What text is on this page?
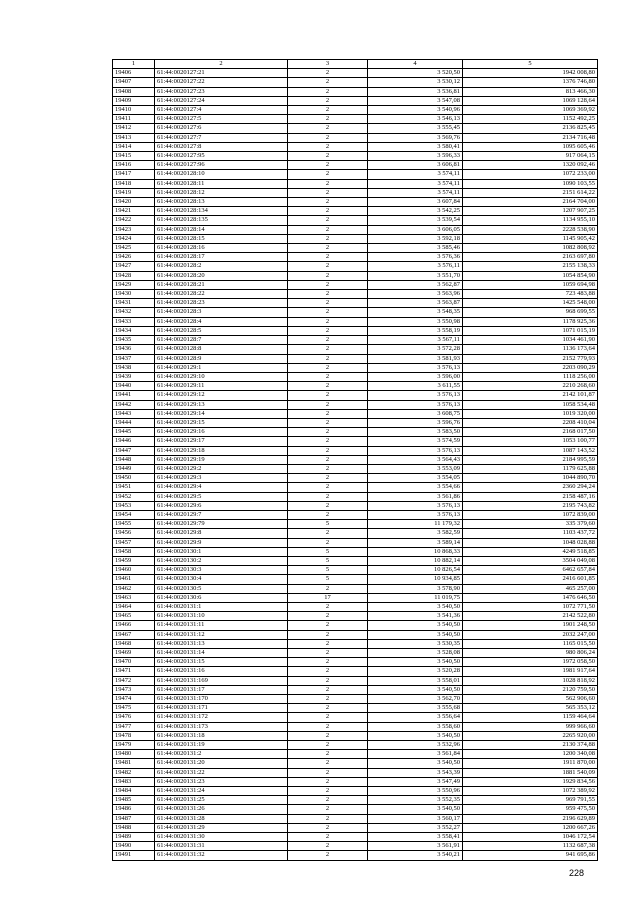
1	2	3	4	5
19406	61:44:0020127:21	2	3 520,50	1942 008,80
19407	61:44:0020127:22	2	3 530,12	1376 746,80
19408	61:44:0020127:23	2	3 536,81	813 466,30
19409	61:44:0020127:24	2	3 547,08	1069 128,64
19410	61:44:0020127:4	2	3 540,96	1069 369,92
19411	61:44:0020127:5	2	3 546,13	1152 492,25
19412	61:44:0020127:6	2	3 555,45	2136 825,45
19413	61:44:0020127:7	2	3 569,76	2134 716,48
19414	61:44:0020127:8	2	3 580,41	1095 605,46
19415	61:44:0020127:95	2	3 596,33	917 064,15
19416	61:44:0020127:96	2	3 606,81	1320 092,46
19417	61:44:0020128:10	2	3 574,11	1072 233,00
19418	61:44:0020128:11	2	3 574,11	1090 103,55
19419	61:44:0020128:12	2	3 574,11	2151 614,22
19420	61:44:0020128:13	2	3 607,84	2164 704,00
19421	61:44:0020128:134	2	3 542,25	1207 907,25
19422	61:44:0020128:135	2	3 539,54	1134 955,10
19423	61:44:0020128:14	2	3 606,05	2228 538,90
19424	61:44:0020128:15	2	3 592,18	1145 905,42
19425	61:44:0020128:16	2	3 585,46	1082 808,92
19426	61:44:0020128:17	2	3 576,36	2163 697,80
19427	61:44:0020128:2	2	3 576,11	2155 138,33
19428	61:44:0020128:20	2	3 551,70	1054 854,90
19429	61:44:0020128:21	2	3 562,87	1059 694,98
19430	61:44:0020128:22	2	3 563,96	723 483,88
19431	61:44:0020128:23	2	3 563,87	1425 548,00
19432	61:44:0020128:3	2	3 548,35	968 699,55
19433	61:44:0020128:4	2	3 550,98	1178 925,36
19434	61:44:0020128:5	2	3 558,19	1071 015,19
19435	61:44:0020128:7	2	3 567,11	1034 461,90
19436	61:44:0020128:8	2	3 572,28	1136 173,64
19437	61:44:0020128:9	2	3 581,93	2152 779,93
19438	61:44:0020129:1	2	3 576,13	2203 090,29
19439	61:44:0020129:10	2	3 596,00	1118 256,00
19440	61:44:0020129:11	2	3 611,55	2210 268,60
19441	61:44:0020129:12	2	3 576,13	2142 101,87
19442	61:44:0020129:13	2	3 576,13	1058 534,48
19443	61:44:0020129:14	2	3 608,75	1019 320,00
19444	61:44:0020129:15	2	3 596,76	2208 410,04
19445	61:44:0020129:16	2	3 583,50	2168 017,50
19446	61:44:0020129:17	2	3 574,59	1053 100,77
19447	61:44:0020129:18	2	3 576,13	1087 143,52
19448	61:44:0020129:19	2	3 564,43	2184 995,59
19449	61:44:0020129:2	2	3 553,09	1179 625,88
19450	61:44:0020129:3	2	3 554,05	1044 890,70
19451	61:44:0020129:4	2	3 554,66	2360 294,24
19452	61:44:0020129:5	2	3 561,86	2158 487,16
19453	61:44:0020129:6	2	3 576,13	2195 743,82
19454	61:44:0020129:7	2	3 576,13	1072 839,00
19455	61:44:0020129:79	5	11 179,32	335 379,60
19456	61:44:0020129:8	2	3 582,59	1103 437,72
19457	61:44:0020129:9	2	3 589,14	1048 028,88
19458	61:44:0020130:1	5	10 868,33	4249 518,85
19459	61:44:0020130:2	5	10 882,14	3504 049,08
19460	61:44:0020130:3	5	10 826,54	6462 657,84
19461	61:44:0020130:4	5	10 934,85	2416 601,85
19462	61:44:0020130:5	2	3 578,90	465 257,00
19463	61:44:0020130:6	17	11 019,75	1476 646,50
19464	61:44:0020131:1	2	3 540,50	1072 771,50
19465	61:44:0020131:10	2	3 541,36	2142 522,80
19466	61:44:0020131:11	2	3 540,50	1901 248,50
19467	61:44:0020131:12	2	3 540,50	2032 247,00
19468	61:44:0020131:13	2	3 530,35	1165 015,50
19469	61:44:0020131:14	2	3 528,08	980 806,24
19470	61:44:0020131:15	2	3 540,50	1972 058,50
19471	61:44:0020131:16	2	3 520,28	1981 917,64
19472	61:44:0020131:169	2	3 558,01	1028 818,92
19473	61:44:0020131:17	2	3 540,50	2120 759,50
19474	61:44:0020131:170	2	3 562,70	562 906,60
19475	61:44:0020131:171	2	3 555,68	565 353,12
19476	61:44:0020131:172	2	3 556,64	1159 464,64
19477	61:44:0020131:173	2	3 558,60	999 966,60
19478	61:44:0020131:18	2	3 540,50	2265 920,00
19479	61:44:0020131:19	2	3 532,96	2130 374,88
19480	61:44:0020131:2	2	3 561,84	1200 340,08
19481	61:44:0020131:20	2	3 540,50	1911 870,00
19482	61:44:0020131:22	2	3 543,39	1881 540,09
19483	61:44:0020131:23	2	3 547,49	1929 834,56
19484	61:44:0020131:24	2	3 550,96	1072 389,92
19485	61:44:0020131:25	2	3 552,35	969 791,55
19486	61:44:0020131:26	2	3 540,50	959 475,50
19487	61:44:0020131:28	2	3 560,17	2196 629,89
19488	61:44:0020131:29	2	3 552,27	1200 667,26
19489	61:44:0020131:30	2	3 558,41	1046 172,54
19490	61:44:0020131:31	2	3 561,91	1132 687,38
19491	61:44:0020131:32	2	3 540,21	941 695,86
228
